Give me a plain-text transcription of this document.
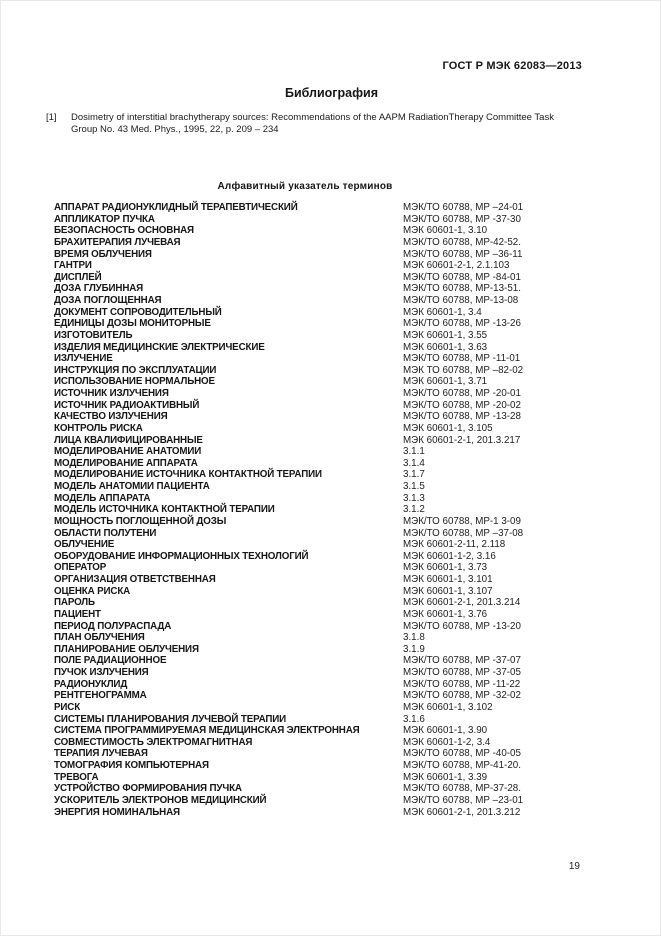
ГОСТ Р МЭК 62083—2013
Библиография
[1]	Dosimetry of interstitial brachytherapy sources: Recommendations of the AAPM RadiationTherapy Committee Task Group No. 43 Med. Phys., 1995, 22, p. 209 – 234
Алфавитный указатель терминов
АППАРАТ РАДИОНУКЛИДНЫЙ ТЕРАПЕВТИЧЕСКИЙ	МЭК/ТО 60788, МР –24-01
АППЛИКАТОР ПУЧКА	МЭК/ТО 60788, МР -37-30
БЕЗОПАСНОСТЬ ОСНОВНАЯ	МЭК 60601-1, 3.10
БРАХИТЕРАПИЯ ЛУЧЕВАЯ	МЭК/ТО 60788, МР-42-52.
ВРЕМЯ ОБЛУЧЕНИЯ	МЭК/ТО 60788, МР –36-11
ГАНТРИ	МЭК 60601-2-1, 2.1.103
ДИСПЛЕЙ	МЭК/ТО 60788, МР -84-01
ДОЗА ГЛУБИННАЯ	МЭК/ТО 60788, МР-13-51.
ДОЗА ПОГЛОЩЕННАЯ	МЭК/ТО 60788, МР-13-08
ДОКУМЕНТ СОПРОВОДИТЕЛЬНЫЙ	МЭК 60601-1, 3.4
ЕДИНИЦЫ ДОЗЫ МОНИТОРНЫЕ	МЭК/ТО 60788, МР -13-26
ИЗГОТОВИТЕЛЬ	МЭК 60601-1, 3.55
ИЗДЕЛИЯ МЕДИЦИНСКИЕ ЭЛЕКТРИЧЕСКИЕ	МЭК 60601-1, 3.63
ИЗЛУЧЕНИЕ	МЭК/ТО 60788, МР -11-01
ИНСТРУКЦИЯ ПО ЭКСПЛУАТАЦИИ	МЭК ТО 60788, МР –82-02
ИСПОЛЬЗОВАНИЕ НОРМАЛЬНОЕ	МЭК 60601-1, 3.71
ИСТОЧНИК ИЗЛУЧЕНИЯ	МЭК/ТО 60788, МР -20-01
ИСТОЧНИК РАДИОАКТИВНЫЙ	МЭК/ТО 60788, МР -20-02
КАЧЕСТВО ИЗЛУЧЕНИЯ	МЭК/ТО 60788, МР -13-28
КОНТРОЛЬ РИСКА	МЭК 60601-1, 3.105
ЛИЦА КВАЛИФИЦИРОВАННЫЕ	МЭК 60601-2-1, 201.3.217
МОДЕЛИРОВАНИЕ АНАТОМИИ	3.1.1
МОДЕЛИРОВАНИЕ АППАРАТА	3.1.4
МОДЕЛИРОВАНИЕ ИСТОЧНИКА КОНТАКТНОЙ ТЕРАПИИ	3.1.7
МОДЕЛЬ АНАТОМИИ ПАЦИЕНТА	3.1.5
МОДЕЛЬ АППАРАТА	3.1.3
МОДЕЛЬ ИСТОЧНИКА КОНТАКТНОЙ ТЕРАПИИ	3.1.2
МОЩНОСТЬ ПОГЛОЩЕННОЙ ДОЗЫ	МЭК/ТО 60788, МР-1 3-09
ОБЛАСТИ ПОЛУТЕНИ	МЭК/ТО 60788, МР –37-08
ОБЛУЧЕНИЕ	МЭК 60601-2-11, 2.118
ОБОРУДОВАНИЕ ИНФОРМАЦИОННЫХ ТЕХНОЛОГИЙ	МЭК 60601-1-2, 3.16
ОПЕРАТОР	МЭК 60601-1, 3.73
ОРГАНИЗАЦИЯ ОТВЕТСТВЕННАЯ	МЭК 60601-1, 3.101
ОЦЕНКА РИСКА	МЭК 60601-1, 3.107
ПАРОЛЬ	МЭК 60601-2-1, 201.3.214
ПАЦИЕНТ	МЭК 60601-1, 3.76
ПЕРИОД ПОЛУРАСПАДА	МЭК/ТО 60788, МР -13-20
ПЛАН ОБЛУЧЕНИЯ	3.1.8
ПЛАНИРОВАНИЕ ОБЛУЧЕНИЯ	3.1.9
ПОЛЕ РАДИАЦИОННОЕ	МЭК/ТО 60788, МР -37-07
ПУЧОК ИЗЛУЧЕНИЯ	МЭК/ТО 60788, МР -37-05
РАДИОНУКЛИД	МЭК/ТО 60788, МР -11-22
РЕНТГЕНОГРАММА	МЭК/ТО 60788, МР -32-02
РИСК	МЭК 60601-1, 3.102
СИСТЕМЫ ПЛАНИРОВАНИЯ ЛУЧЕВОЙ ТЕРАПИИ	3.1.6
СИСТЕМА ПРОГРАММИРУЕМАЯ МЕДИЦИНСКАЯ ЭЛЕКТРОННАЯ	МЭК 60601-1, 3.90
СОВМЕСТИМОСТЬ ЭЛЕКТРОМАГНИТНАЯ	МЭК 60601-1-2, 3.4
ТЕРАПИЯ ЛУЧЕВАЯ	МЭК/ТО 60788, МР -40-05
ТОМОГРАФИЯ КОМПЬЮТЕРНАЯ	МЭК/ТО 60788, МР-41-20.
ТРЕВОГА	МЭК 60601-1, 3.39
УСТРОЙСТВО ФОРМИРОВАНИЯ ПУЧКА	МЭК/ТО 60788, МР-37-28.
УСКОРИТЕЛЬ ЭЛЕКТРОНОВ МЕДИЦИНСКИЙ	МЭК/ТО 60788, МР –23-01
ЭНЕРГИЯ НОМИНАЛЬНАЯ	МЭК 60601-2-1, 201.3.212
19
